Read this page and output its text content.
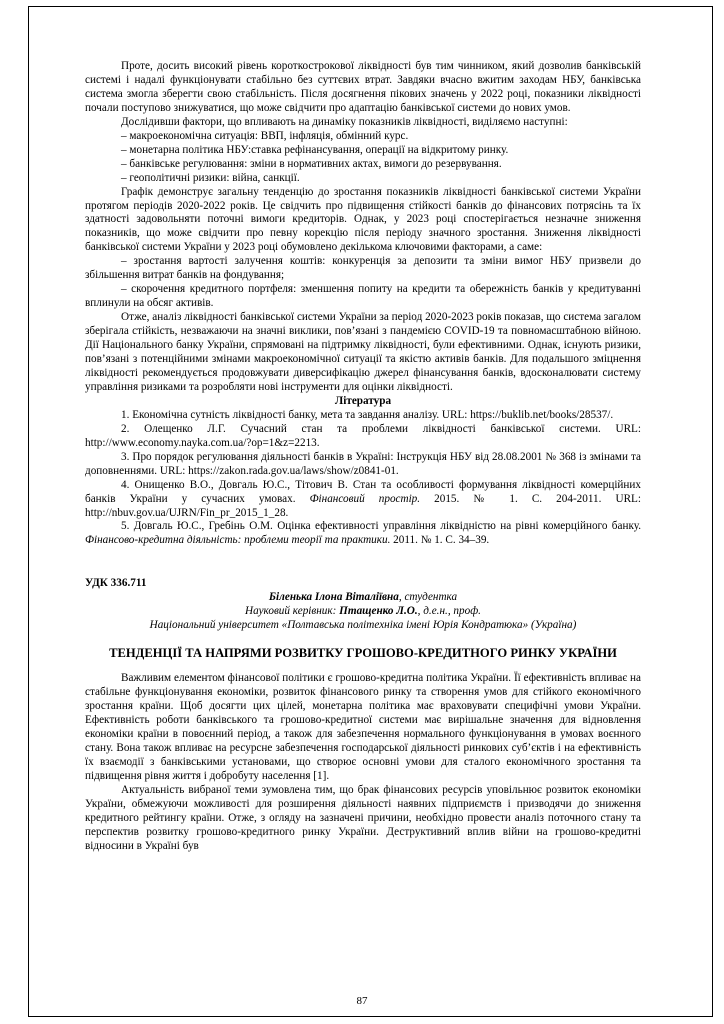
Проте, досить високий рівень короткострокової ліквідності був тим чинником, який дозволив банківській системі і надалі функціонувати стабільно без суттєвих втрат. Завдяки вчасно вжитим заходам НБУ, банківська система змогла зберегти свою стабільність. Після досягнення пікових значень у 2022 році, показники ліквідності почали поступово знижуватися, що може свідчити про адаптацію банківської системи до нових умов.

Дослідивши фактори, що впливають на динаміку показників ліквідності, виділяємо наступні:

– макроекономічна ситуація: ВВП, інфляція, обмінний курс.

– монетарна політика НБУ:ставка рефінансування, операції на відкритому ринку.

– банківське регулювання: зміни в нормативних актах, вимоги до резервування.

– геополітичні ризики: війна, санкції.

Графік демонструє загальну тенденцію до зростання показників ліквідності банківської системи України протягом періодів 2020-2022 років. Це свідчить про підвищення стійкості банків до фінансових потрясінь та їх здатності задовольняти поточні вимоги кредиторів. Однак, у 2023 році спостерігається незначне зниження показників, що може свідчити про певну корекцію після періоду значного зростання. Зниження ліквідності банківської системи України у 2023 році обумовлено декількома ключовими факторами, а саме:

– зростання вартості залучення коштів: конкуренція за депозити та зміни вимог НБУ призвели до збільшення витрат банків на фондування;

– скорочення кредитного портфеля: зменшення попиту на кредити та обережність банків у кредитуванні вплинули на обсяг активів.

Отже, аналіз ліквідності банківської системи України за період 2020-2023 років показав, що система загалом зберігала стійкість, незважаючи на значні виклики, пов’язані з пандемією COVID-19 та повномасштабною війною. Дії Національного банку України, спрямовані на підтримку ліквідності, були ефективними. Однак, існують ризики, пов’язані з потенційними змінами макроекономічної ситуації та якістю активів банків. Для подальшого зміцнення ліквідності рекомендується продовжувати диверсифікацію джерел фінансування банків, вдосконалювати систему управління ризиками та розробляти нові інструменти для оцінки ліквідності.

Література

1. Економічна сутність ліквідності банку, мета та завдання аналізу. URL: https://buklib.net/books/28537/.

2. Олещенко Л.Г. Сучасний стан та проблеми ліквідності банківської системи. URL: http://www.economy.nayka.com.ua/?op=1&z=2213.

3. Про порядок регулювання діяльності банків в Україні: Інструкція НБУ від 28.08.2001 № 368 із змінами та доповненнями. URL: https://zakon.rada.gov.ua/laws/show/z0841-01.

4. Онищенко В.О., Довгаль Ю.С., Тітович В. Стан та особливості формування ліквідності комерційних банків України у сучасних умовах. Фінансовий простір. 2015. № 1. С. 204-2011. URL: http://nbuv.gov.ua/UJRN/Fin_pr_2015_1_28.

5. Довгаль Ю.С., Гребінь О.М. Оцінка ефективності управління ліквідністю на рівні комерційного банку. Фінансово-кредитна діяльність: проблеми теорії та практики. 2011. № 1. С. 34–39.

УДК 336.711

Біленька Ілона Віталіївна, студентка

Науковий керівник: Птащенко Л.О., д.е.н., проф.

Національний університет «Полтавська політехніка імені Юрія Кондратюка» (Україна)

ТЕНДЕНЦІЇ ТА НАПРЯМИ РОЗВИТКУ ГРОШОВО-КРЕДИТНОГО РИНКУ УКРАЇНИ

Важливим елементом фінансової політики є грошово-кредитна політика України. Її ефективність впливає на стабільне функціонування економіки, розвиток фінансового ринку та створення умов для стійкого економічного зростання країни. Щоб досягти цих цілей, монетарна політика має враховувати специфічні умови України. Ефективність роботи банківського та грошово-кредитної системи має вирішальне значення для відновлення економіки країни в повоєнний період, а також для забезпечення нормального функціонування в умовах воєнного стану. Вона також впливає на ресурсне забезпечення господарської діяльності ринкових суб’єктів і на ефективність їх взаємодії з банківськими установами, що створює основні умови для сталого економічного зростання та підвищення рівня життя і добробуту населення [1].

Актуальність вибраної теми зумовлена тим, що брак фінансових ресурсів уповільнює розвиток економіки України, обмежуючи можливості для розширення діяльності наявних підприємств і призводячи до зниження кредитного рейтингу країни. Отже, з огляду на зазначені причини, необхідно провести аналіз поточного стану та перспектив розвитку грошово-кредитного ринку України. Деструктивний вплив війни на грошово-кредитні відносини в Україні був

87
